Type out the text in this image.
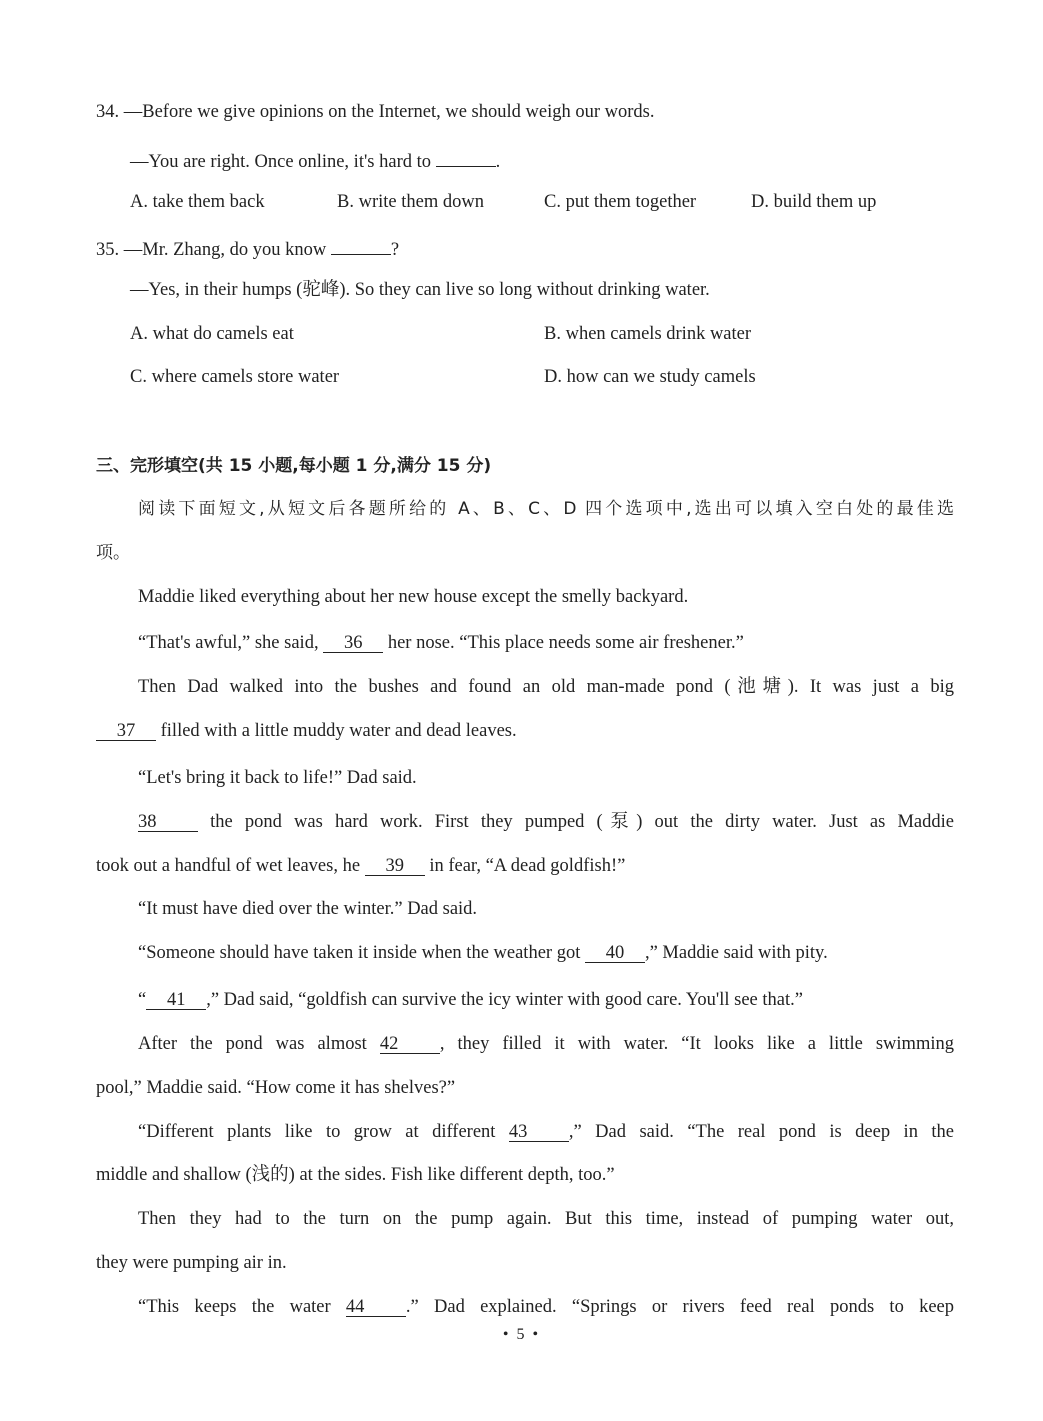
34. —Before we give opinions on the Internet, we should weigh our words.
—You are right. Once online, it's hard to	.
A. take them back	B. write them down	C. put them together	D. build them up
35. —Mr. Zhang, do you know	?
—Yes, in their humps (驼峰). So they can live so long without drinking water.
A. what do camels eat	B. when camels drink water
C. where camels store water	D. how can we study camels
三、完形填空(共 15 小题,每小题 1 分,满分 15 分)
阅读下面短文,从短文后各题所给的 A、B、C、D 四个选项中,选出可以填入空白处的最佳选
项。
Maddie liked everything about her new house except the smelly backyard.
“That's awful,” she said, 36 her nose. “This place needs some air freshener.”
Then Dad walked into the bushes and found an old man-made pond (池塘). It was just a big
37 filled with a little muddy water and dead leaves.
“Let's bring it back to life!” Dad said.
38 the pond was hard work. First they pumped (泵) out the dirty water. Just as Maddie
took out a handful of wet leaves, he 39 in fear, “A dead goldfish!”
“It must have died over the winter.” Dad said.
“Someone should have taken it inside when the weather got 40 ,” Maddie said with pity.
“ 41 ,” Dad said, “goldfish can survive the icy winter with good care. You'll see that.”
After the pond was almost 42 , they filled it with water. “It looks like a little swimming
pool,” Maddie said. “How come it has shelves?”
“Different plants like to grow at different 43 ,” Dad said. “The real pond is deep in the
middle and shallow (浅的) at the sides. Fish like different depth, too.”
Then they had to the turn on the pump again. But this time, instead of pumping water out,
they were pumping air in.
“This keeps the water 44 .” Dad explained. “Springs or rivers feed real ponds to keep
• 5 •
